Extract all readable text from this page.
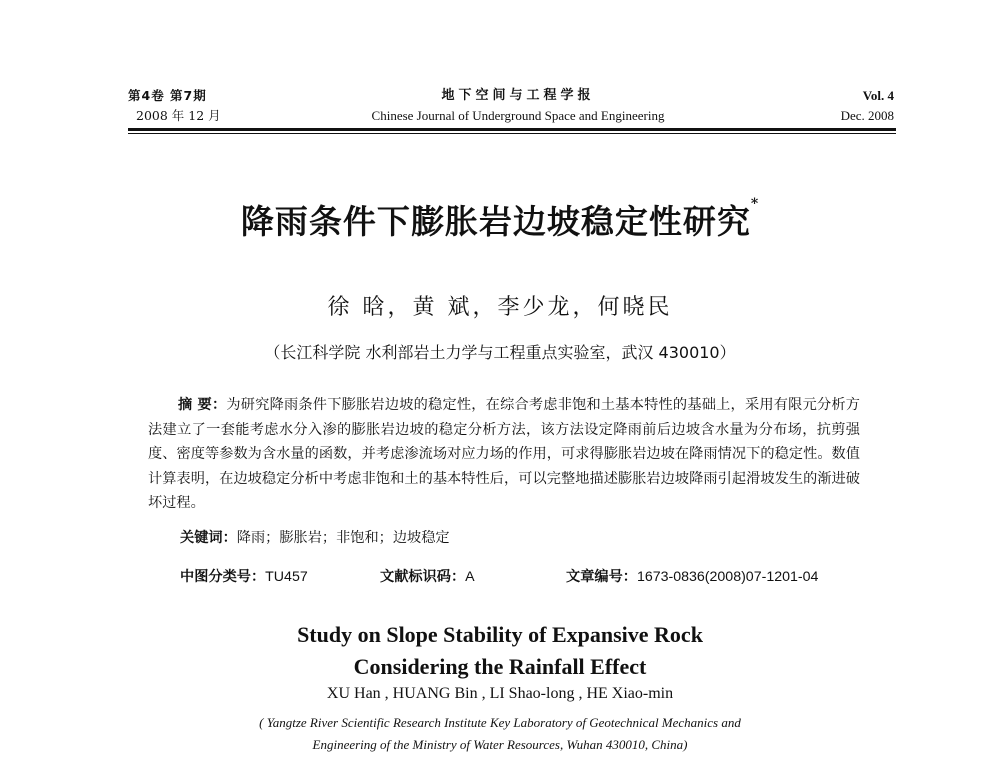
第4卷 第7期
2008 年 12 月
地下空间与工程学报
Chinese Journal of Underground Space and Engineering
Vol. 4
Dec. 2008
降雨条件下膨胀岩边坡稳定性研究*
徐 晗，黄 斌，李少龙，何晓民
（长江科学院 水利部岩土力学与工程重点实验室，武汉 430010）
摘 要：为研究降雨条件下膨胀岩边坡的稳定性，在综合考虑非饱和土基本特性的基础上，采用有限元分析方法建立了一套能考虑水分入渗的膨胀岩边坡的稳定分析方法，该方法设定降雨前后边坡含水量为分布场，抗剪强度、密度等参数为含水量的函数，并考虑渗流场对应力场的作用，可求得膨胀岩边坡在降雨情况下的稳定性。数值计算表明，在边坡稳定分析中考虑非饱和土的基本特性后，可以完整地描述膨胀岩边坡降雨引起滑坡发生的渐进破坏过程。
关键词：降雨；膨胀岩；非饱和；边坡稳定
中图分类号：TU457	文献标识码：A	文章编号：1673-0836(2008)07-1201-04
Study on Slope Stability of Expansive Rock
Considering the Rainfall Effect
XU Han , HUANG Bin , LI Shao-long , HE Xiao-min
( Yangtze River Scientific Research Institute Key Laboratory of Geotechnical Mechanics and
Engineering of the Ministry of Water Resources, Wuhan 430010, China)
